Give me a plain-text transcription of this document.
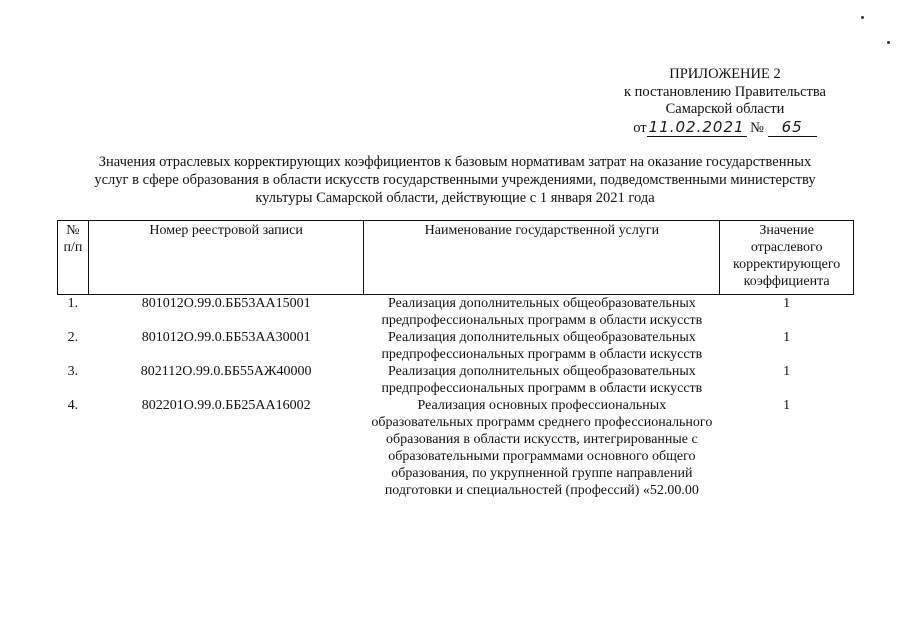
ПРИЛОЖЕНИЕ 2
к постановлению Правительства
Самарской области
от 11.02.2021 № 65
Значения отраслевых корректирующих коэффициентов к базовым нормативам затрат на оказание государственных
услуг в сфере образования в области искусств государственными учреждениями, подведомственными министерству
культуры Самарской области, действующие с 1 января 2021 года
№ п/п	Номер реестровой записи	Наименование государственной услуги	Значение отраслевого корректирующего коэффициента
1.	801012О.99.0.ББ53АА15001	Реализация дополнительных общеобразовательных предпрофессиональных программ в области искусств	1
2.	801012О.99.0.ББ53АА30001	Реализация дополнительных общеобразовательных предпрофессиональных программ в области искусств	1
3.	802112О.99.0.ББ55АЖ40000	Реализация дополнительных общеобразовательных предпрофессиональных программ в области искусств	1
4.	802201О.99.0.ББ25АА16002	Реализация основных профессиональных образовательных программ среднего профессионального образования в области искусств, интегрированные с образовательными программами основного общего образования, по укрупненной группе направлений подготовки и специальностей (профессий) «52.00.00	1
